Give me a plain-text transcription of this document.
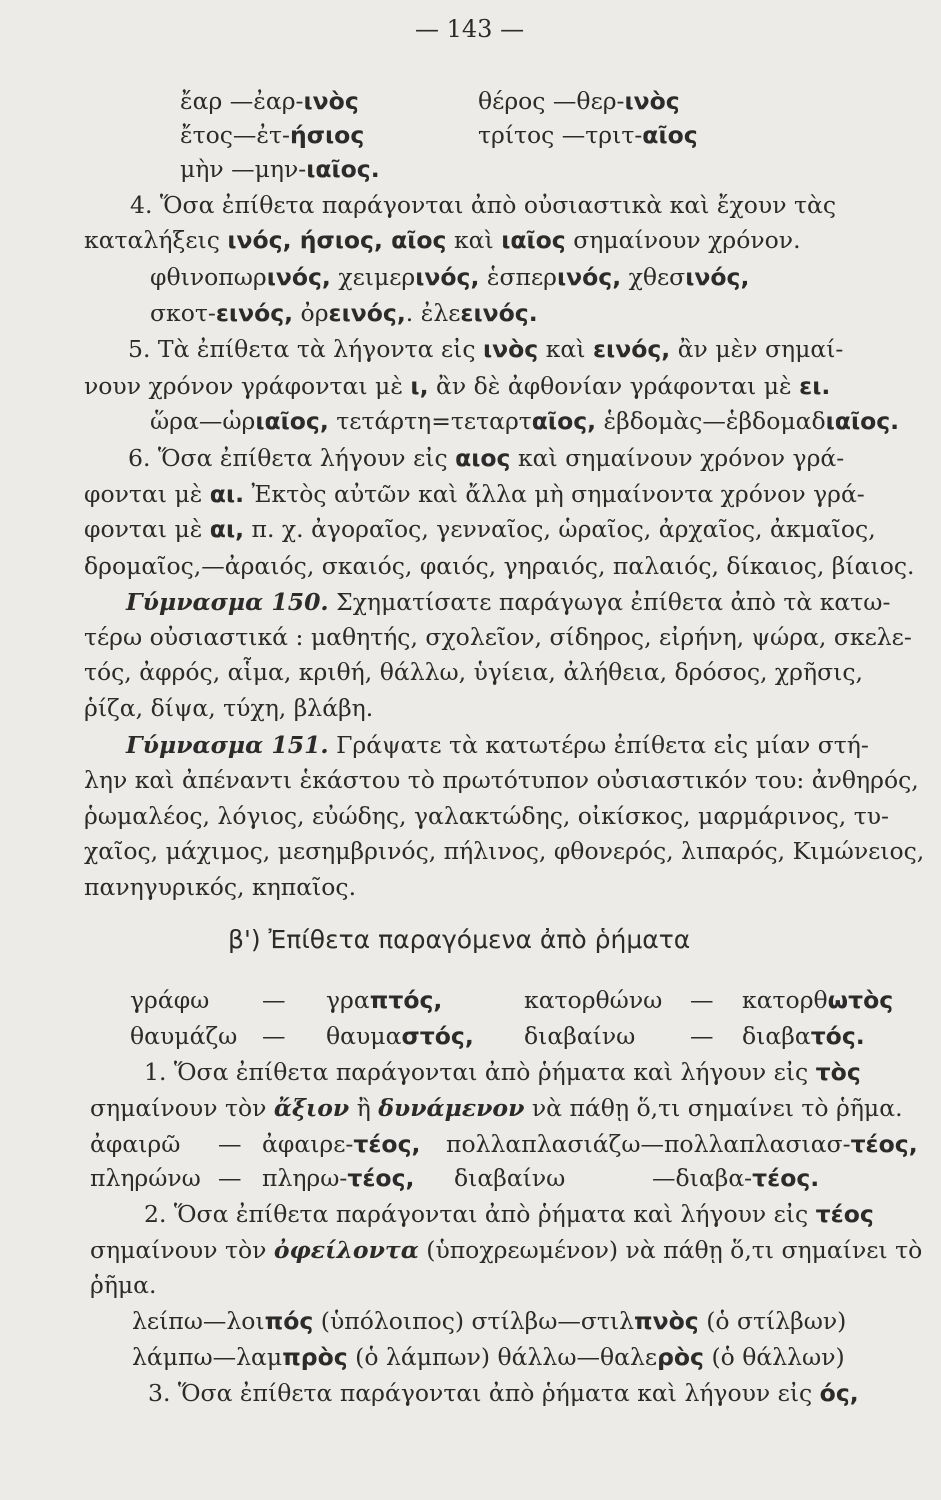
— 143 —
ἔαρ —ἐαρ-ινὸς	θέρος —θερ-ινὸς
ἔτος—ἐτ-ήσιος	τρίτος —τριτ-αῖος
μὴν —μην-ιαῖος.
4. Ὅσα ἐπίθετα παράγονται ἀπὸ οὐσιαστικὰ καὶ ἔχουν τὰς
καταλήξεις ινός, ήσιος, αῖος καὶ ιαῖος σημαίνουν χρόνον.
φθινοπωρινός, χειμερινός, ἑσπερινός, χθεσινός,
σκοτ-εινός, ὀρεινός,. ἐλεεινός.
5. Τὰ ἐπίθετα τὰ λήγοντα εἰς ινὸς καὶ εινός, ἂν μὲν σημαί-
νουν χρόνον γράφονται μὲ ι, ἂν δὲ ἀφθονίαν γράφονται μὲ ει.
ὥρα—ὡριαῖος, τετάρτη=τεταρταῖος, ἑβδομὰς—ἑβδομαδιαῖος.
6. Ὅσα ἐπίθετα λήγουν εἰς αιος καὶ σημαίνουν χρόνον γρά-
φονται μὲ αι. Ἐκτὸς αὐτῶν καὶ ἄλλα μὴ σημαίνοντα χρόνον γρά-
φονται μὲ αι, π. χ. ἀγοραῖος, γενναῖος, ὡραῖος, ἀρχαῖος, ἀκμαῖος,
δρομαῖος,—ἀραιός, σκαιός, φαιός, γηραιός, παλαιός, δίκαιος, βίαιος.
Γύμνασμα 150. Σχηματίσατε παράγωγα ἐπίθετα ἀπὸ τὰ κατω-
τέρω οὐσιαστικά : μαθητής, σχολεῖον, σίδηρος, εἰρήνη, ψώρα, σκελε-
τός, ἀφρός, αἷμα, κριθή, θάλλω, ὑγίεια, ἀλήθεια, δρόσος, χρῆσις,
ῥίζα, δίψα, τύχη, βλάβη.
Γύμνασμα 151. Γράψατε τὰ κατωτέρω ἐπίθετα εἰς μίαν στή-
λην καὶ ἀπέναντι ἑκάστου τὸ πρωτότυπον οὐσιαστικόν του: ἀνθηρός,
ῥωμαλέος, λόγιος, εὐώδης, γαλακτώδης, οἰκίσκος, μαρμάρινος, τυ-
χαῖος, μάχιμος, μεσημβρινός, πήλινος, φθονερός, λιπαρός, Κιμώνειος,
πανηγυρικός, κηπαῖος.
β') Ἐπίθετα παραγόμενα ἀπὸ ῥήματα
γράφω — γραπτός,	κατορθώνω — κατορθωτὸς
θαυμάζω — θαυμαστός, διαβαίνω — διαβατός.
1. Ὅσα ἐπίθετα παράγονται ἀπὸ ῥήματα καὶ λήγουν εἰς τὸς
σημαίνουν τὸν ἄξιον ἢ δυνάμενον νὰ πάθῃ ὅ,τι σημαίνει τὸ ῥῆμα.
ἀφαιρῶ — ἀφαιρε-τέος, πολλαπλασιάζω—πολλαπλασιασ-τέος,
πληρώνω — πληρω-τέος, διαβαίνω	—διαβα-τέος.
2. Ὅσα ἐπίθετα παράγονται ἀπὸ ῥήματα καὶ λήγουν εἰς τέος
σημαίνουν τὸν ὀφείλοντα (ὑποχρεωμένον) νὰ πάθῃ ὅ,τι σημαίνει τὸ
ῥῆμα.
λείπω—λοιπός (ὑπόλοιπος) στίλβω—στιλπνὸς (ὁ στίλβων)
λάμπω—λαμπρὸς (ὁ λάμπων) θάλλω—θαλερὸς (ὁ θάλλων)
3. Ὅσα ἐπίθετα παράγονται ἀπὸ ῥήματα καὶ λήγουν εἰς ός,
